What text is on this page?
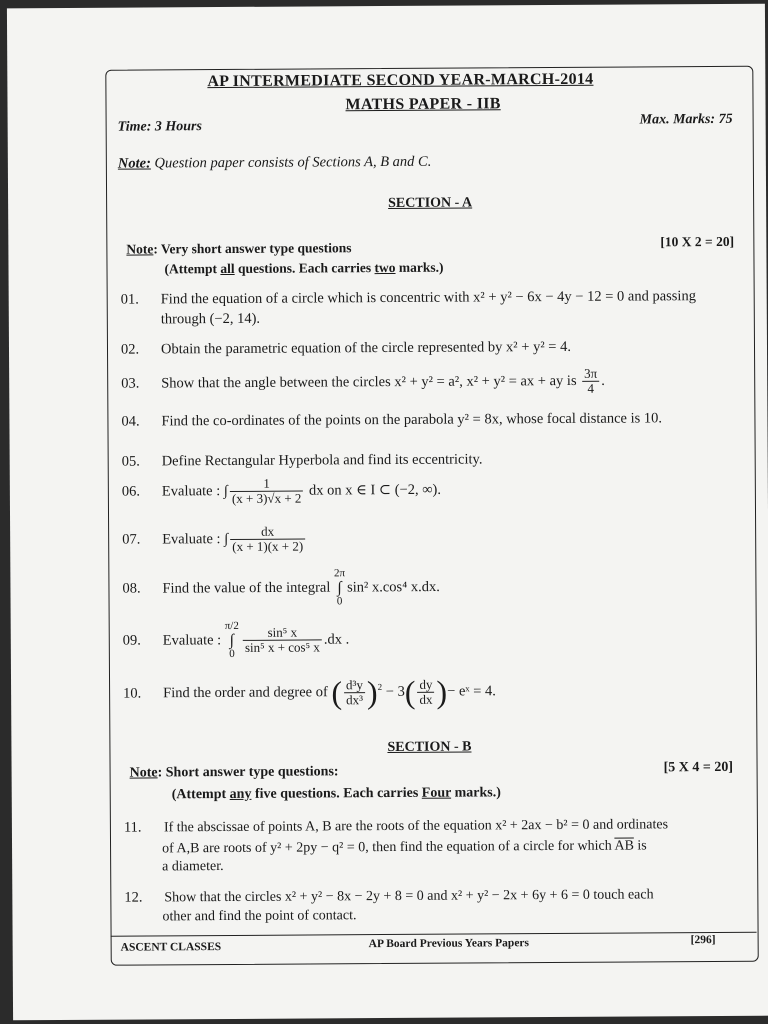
AP INTERMEDIATE SECOND YEAR-MARCH-2014
MATHS PAPER - IIB
Time: 3 Hours	Max. Marks: 75
Note: Question paper consists of Sections A, B and C.
SECTION - A
Note: Very short answer type questions	[10 X 2 = 20]
(Attempt all questions. Each carries two marks.)
01. Find the equation of a circle which is concentric with x² + y² − 6x − 4y − 12 = 0 and passing
through (−2, 14).
02. Obtain the parametric equation of the circle represented by x² + y² = 4.
03. Show that the angle between the circles x² + y² = a², x² + y² = ax + ay is $\frac{3\pi}{4}$ .
04. Find the co-ordinates of the points on the parabola y² = 8x, whose focal distance is 10.
05. Define Rectangular Hyperbola and find its eccentricity.
06. Evaluate : ∫ $\frac{1}{(x + 3)√x + 2}$ dx on x ∈ I ⊂ (−2, ∞).
07. Evaluate : ∫ $\frac{dx}{(x + 1)(x + 2)}$
08. Find the value of the integral 2π
∫
0sin² x.cos⁴ x.dx.
09. Evaluate : π/2
∫
$0 \frac{\text{sin⁵ x}}{\text{sin⁵ x + cos⁵ x}} .dx$ .
10. Find the order and degree of ( $\frac{\text{d³y}}{\text{dx³}} )^2 - 3( \frac{dy}{dx}$ )− eˣ = 4.
SECTION - B
Note: Short answer type questions:	[5 X 4 = 20]
(Attempt any five questions. Each carries Four marks.)
11. If the abscissae of points A, B are the roots of the equation x² + 2ax − b² = 0 and ordinates
of A,B are roots of y² + 2py − q² = 0, then find the equation of a circle for which $\overline{AB}$ is
a diameter.
12. Show that the circles x² + y² − 8x − 2y + 8 = 0 and x² + y² − 2x + 6y + 6 = 0 touch each
other and find the point of contact.
ASCENT CLASSES	AP Board Previous Years Papers	[296]
